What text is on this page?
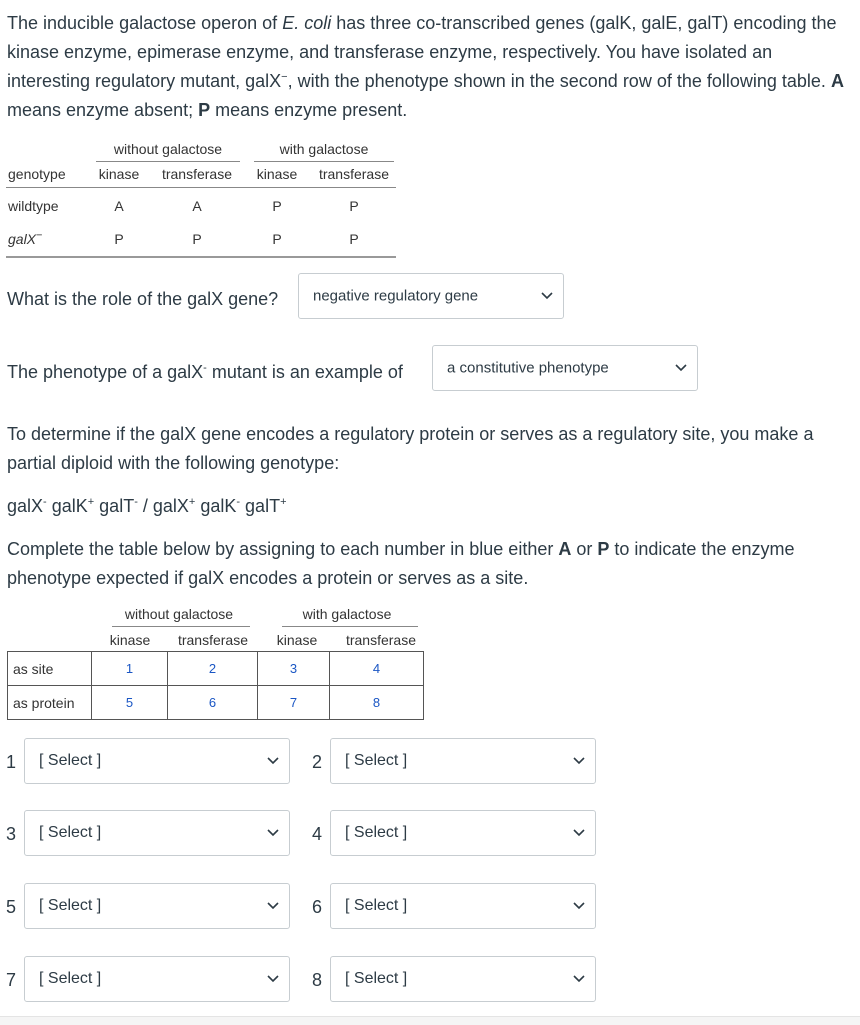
The inducible galactose operon of E. coli has three co-transcribed genes (galK, galE, galT) encoding the kinase enzyme, epimerase enzyme, and transferase enzyme, respectively. You have isolated an interesting regulatory mutant, galX−, with the phenotype shown in the second row of the following table. A means enzyme absent; P means enzyme present.
without galactose	with galactose
genotype	kinase	transferase	kinase	transferase
wildtype	A	A	P	P
galX−	P	P	P	P
What is the role of the galX gene? negative regulatory gene
The phenotype of a galX- mutant is an example of	a constitutive phenotype
To determine if the galX gene encodes a regulatory protein or serves as a regulatory site, you make a partial diploid with the following genotype:
galX- galK+ galT- / galX+ galK- galT+
Complete the table below by assigning to each number in blue either A or P to indicate the enzyme phenotype expected if galX encodes a protein or serves as a site.
without galactose	with galactose
kinase	transferase	kinase	transferase
as site	1	2	3	4
as protein	5	6	7	8
1 [ Select ]	2 [ Select ]
3 [ Select ]	4 [ Select ]
5 [ Select ]	6 [ Select ]
7 [ Select ]	8 [ Select ]
